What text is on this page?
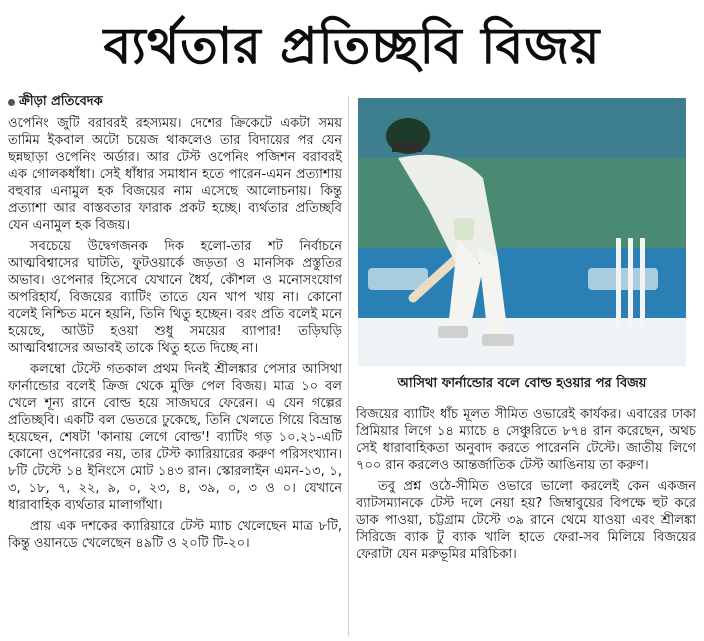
ব্যর্থতার প্রতিচ্ছবি বিজয়
ক্রীড়া প্রতিবেদক

ওপেনিং জুটি বরাবরই রহস্যময়। দেশের ক্রিকেটে একটা সময় তামিম ইকবাল অটো চয়েজ থাকলেও তার বিদায়ের পর যেন ছন্নছাড়া ওপেনিং অর্ডার। আর টেস্ট ওপেনিং পজিশন বরাবরই এক গোলকধাঁধা। সেই ধাঁধার সমাধান হতে পারেন-এমন প্রত্যাশায় বহুবার এনামুল হক বিজয়ের নাম এসেছে আলোচনায়। কিন্তু প্রত্যাশা আর বাস্তবতার ফারাক প্রকট হচ্ছে। ব্যর্থতার প্রতিচ্ছবি যেন এনামুল হক বিজয়।

সবচেয়ে উদ্বেগজনক দিক হলো-তার শট নির্বাচনে আত্মবিশ্বাসের ঘাটতি, ফুটওয়ার্কে জড়তা ও মানসিক প্রস্তুতির অভাব। ওপেনার হিসেবে যেখানে ধৈর্য, কৌশল ও মনোসংযোগ অপরিহার্য, বিজয়ের ব্যাটিং তাতে যেন খাপ খায় না। কোনো বলেই নিশ্চিত মনে হয়নি, তিনি থিতু হচ্ছেন। বরং প্রতি বলেই মনে হয়েছে, আউট হওয়া শুধু সময়ের ব্যাপার! তড়িঘড়ি আত্মবিশ্বাসের অভাবই তাকে থিতু হতে দিচ্ছে না।

কলম্বো টেস্টে গতকাল প্রথম দিনই শ্রীলঙ্কার পেসার আসিথা ফার্নান্ডোর বলেই ক্রিজ থেকে মুক্তি পেল বিজয়। মাত্র ১০ বল খেলে শূন্য রানে বোল্ড হয়ে সাজঘরে ফেরেন। এ যেন গল্পের প্রতিচ্ছবি। একটি বল ভেতরে ঢুকেছে, তিনি খেলতে গিয়ে বিভ্রান্ত হয়েছেন, শেষটা 'কানায় লেগে বোল্ড'! ব্যাটিং গড় ১০.২১-এটি কোনো ওপেনারের নয়, তার টেস্ট ক্যারিয়ারের করুণ পরিসংখ্যান। ৮টি টেস্টে ১৪ ইনিংসে মোট ১৪৩ রান। স্কোরলাইন এমন-১৩, ১, ৩, ১৮, ৭, ২২, ৯, ০, ২৩, ৪, ৩৯, ০, ৩ ও ০। যেখানে ধারাবাহিক ব্যর্থতার মালাগাঁথা।

প্রায় এক দশকের ক্যারিয়ারে টেস্ট ম্যাচ খেলেছেন মাত্র ৮টি, কিন্তু ওয়ানডে খেলেছেন ৪৯টি ও ২০টি টি-২০।

আসিথা ফার্নান্ডোর বলে বোল্ড হওয়ার পর বিজয়

বিজয়ের ব্যাটিং ধাঁচ মূলত সীমিত ওভারেই কার্যকর। এবারের ঢাকা প্রিমিয়ার লিগে ১৪ ম্যাচে ৪ সেঞ্চুরিতে ৮৭৪ রান করেছেন, অথচ সেই ধারাবাহিকতা অনুবাদ করতে পারেননি টেস্টে। জাতীয় লিগে ৭০০ রান করলেও আন্তর্জাতিক টেস্ট আঙিনায় তা করুণ।

তবু প্রশ্ন ওঠে-সীমিত ওভারে ভালো করলেই কেন একজন ব্যাটসম্যানকে টেস্ট দলে নেয়া হয়? জিম্বাবুয়ের বিপক্ষে হুট করে ডাক পাওয়া, চট্টগ্রাম টেস্টে ৩৯ রানে থেমে যাওয়া এবং শ্রীলঙ্কা সিরিজে ব্যাক টু ব্যাক খালি হাতে ফেরা-সব মিলিয়ে বিজয়ের ফেরাটা যেন মরুভূমির মরিচিকা।
